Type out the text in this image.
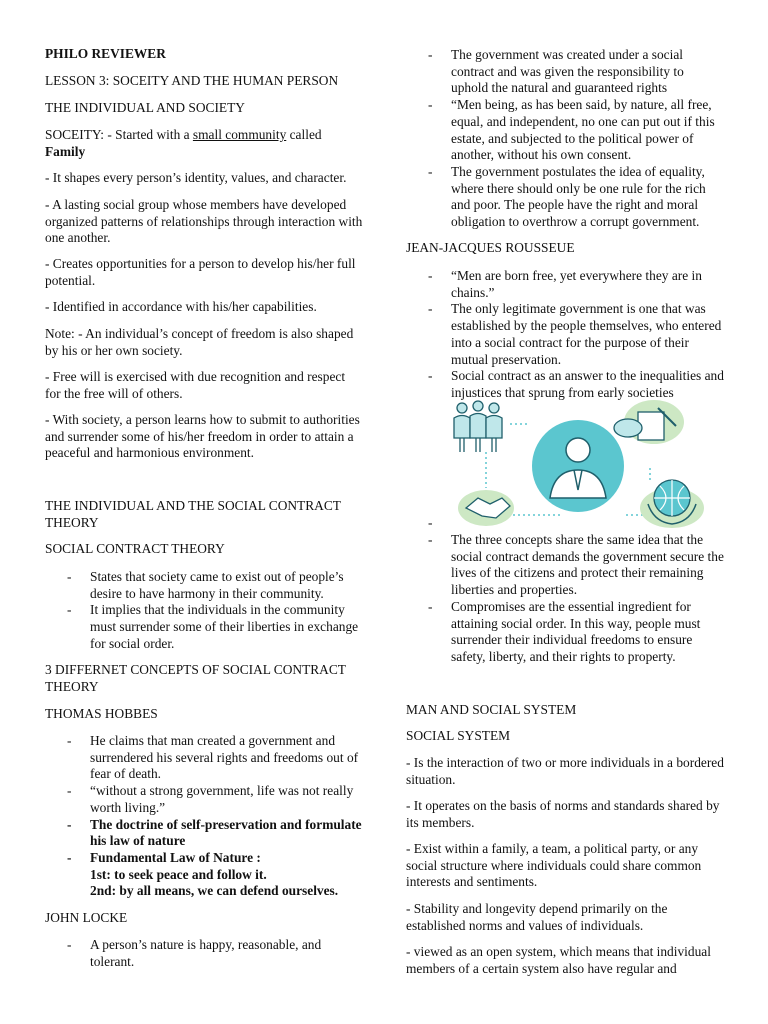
PHILO REVIEWER

LESSON 3: SOCEITY AND THE HUMAN PERSON

THE INDIVIDUAL AND SOCIETY

SOCEITY: - Started with a small community called
Family

- It shapes every person’s identity, values, and character.

- A lasting social group whose members have developed organized patterns of relationships through interaction with one another.

- Creates opportunities for a person to develop his/her full potential.

- Identified in accordance with his/her capabilities.

Note: - An individual’s concept of freedom is also shaped by his or her own society.

- Free will is exercised with due recognition and respect for the free will of others.

- With society, a person learns how to submit to authorities and surrender some of his/her freedom in order to attain a peaceful and harmonious environment.

THE INDIVIDUAL AND THE SOCIAL CONTRACT THEORY

SOCIAL CONTRACT THEORY

- States that society came to exist out of people’s desire to have harmony in their community.
- It implies that the individuals in the community must surrender some of their liberties in exchange for social order.

3 DIFFERNET CONCEPTS OF SOCIAL CONTRACT THEORY

THOMAS HOBBES

- He claims that man created a government and surrendered his several rights and freedoms out of fear of death.
- “without a strong government, life was not really worth living.”
- The doctrine of self-preservation and formulate his law of nature
- Fundamental Law of Nature :
1st: to seek peace and follow it.
2nd: by all means, we can defend ourselves.

JOHN LOCKE

- A person’s nature is happy, reasonable, and tolerant.
- The government was created under a social contract and was given the responsibility to uphold the natural and guaranteed rights
- “Men being, as has been said, by nature, all free, equal, and independent, no one can put out if this estate, and subjected to the political power of another, without his own consent.
- The government postulates the idea of equality, where there should only be one rule for the rich and poor. The people have the right and moral obligation to overthrow a corrupt government.

JEAN-JACQUES ROUSSEUE

- “Men are born free, yet everywhere they are in chains.”
- The only legitimate government is one that was established by the people themselves, who entered into a social contract for the purpose of their mutual preservation.
- Social contract as an answer to the inequalities and injustices that sprung from early societies
-
- The three concepts share the same idea that the social contract demands the government secure the lives of the citizens and protect their remaining liberties and properties.
- Compromises are the essential ingredient for attaining social order. In this way, people must surrender their individual freedoms to ensure safety, liberty, and their rights to property.

MAN AND SOCIAL SYSTEM

SOCIAL SYSTEM

- Is the interaction of two or more individuals in a bordered situation.

- It operates on the basis of norms and standards shared by its members.

- Exist within a family, a team, a political party, or any social structure where individuals could share common interests and sentiments.

- Stability and longevity depend primarily on the established norms and values of individuals.

- viewed as an open system, which means that individual members of a certain system also have regular and
